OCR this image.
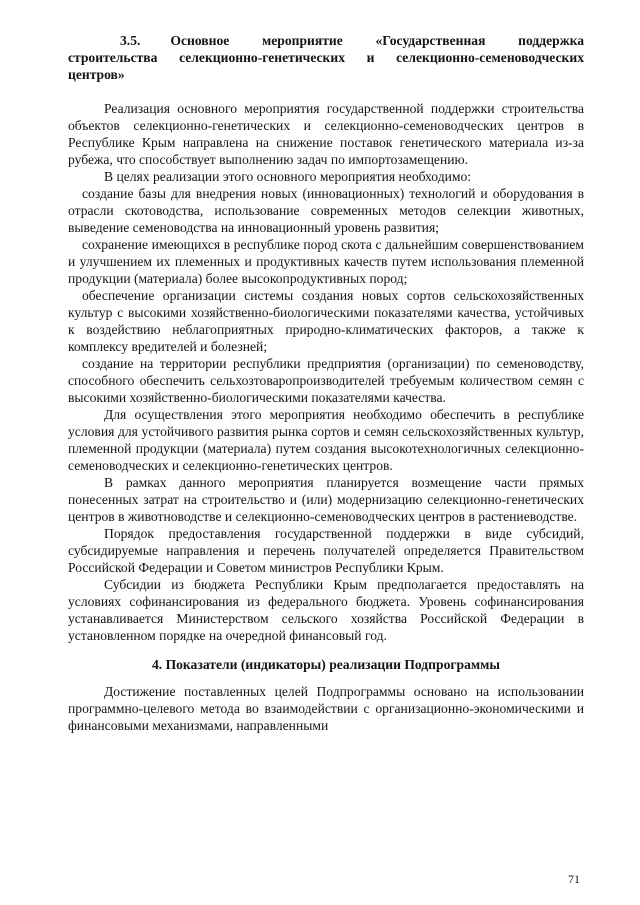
3.5. Основное мероприятие «Государственная поддержка строительства селекционно-генетических и селекционно-семеноводческих центров»

Реализация основного мероприятия государственной поддержки строительства объектов селекционно-генетических и селекционно-семеноводческих центров в Республике Крым направлена на снижение поставок генетического материала из-за рубежа, что способствует выполнению задач по импортозамещению.

В целях реализации этого основного мероприятия необходимо:

создание базы для внедрения новых (инновационных) технологий и оборудования в отрасли скотоводства, использование современных методов селекции животных, выведение семеноводства на инновационный уровень развития;

сохранение имеющихся в республике пород скота с дальнейшим совершенствованием и улучшением их племенных и продуктивных качеств путем использования племенной продукции (материала) более высокопродуктивных пород;

обеспечение организации системы создания новых сортов сельскохозяйственных культур с высокими хозяйственно-биологическими показателями качества, устойчивых к воздействию неблагоприятных природно-климатических факторов, а также к комплексу вредителей и болезней;

создание на территории республики предприятия (организации) по семеноводству, способного обеспечить сельхозтоваропроизводителей требуемым количеством семян с высокими хозяйственно-биологическими показателями качества.

Для осуществления этого мероприятия необходимо обеспечить в республике условия для устойчивого развития рынка сортов и семян сельскохозяйственных культур, племенной продукции (материала) путем создания высокотехнологичных селекционно-семеноводческих и селекционно-генетических центров.

В рамках данного мероприятия планируется возмещение части прямых понесенных затрат на строительство и (или) модернизацию селекционно-генетических центров в животноводстве и селекционно-семеноводческих центров в растениеводстве.

Порядок предоставления государственной поддержки в виде субсидий, субсидируемые направления и перечень получателей определяется Правительством Российской Федерации и Советом министров Республики Крым.

Субсидии из бюджета Республики Крым предполагается предоставлять на условиях софинансирования из федерального бюджета. Уровень софинансирования устанавливается Министерством сельского хозяйства Российской Федерации в установленном порядке на очередной финансовый год.

4. Показатели (индикаторы) реализации Подпрограммы

Достижение поставленных целей Подпрограммы основано на использовании программно-целевого метода во взаимодействии с организационно-экономическими и финансовыми механизмами, направленными

71
